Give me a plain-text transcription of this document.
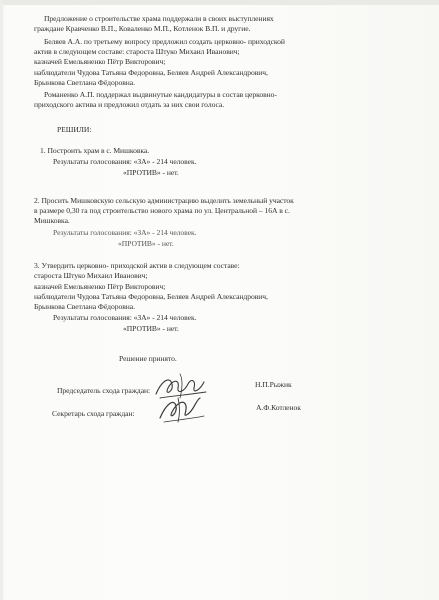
Предложение о строительстве храма поддержали в своих выступлениях
граждане Кравченко В.П., Коваленко М.П., Котленок В.П. и другие.
Беляев А.А. по третьему вопросу предложил создать церковно- приходской
актив в следующем составе: староста Штуко Михаил Иванович;
казначей Емельяненко Пётр Викторович;
наблюдатели Чудова Татьяна Федоровна, Беляев Андрей Александрович,
Брынкова Светлана Фёдоровна.
Романенко А.П. поддержал выдвинутые кандидатуры в состав церковно-
приходского актива и предложил отдать за них свои голоса.
РЕШИЛИ:
1. Построить храм в с. Мишковка.
Результаты голосования: «ЗА» - 214 человек.
«ПРОТИВ» - нет.
2. Просить Мишковскую сельскую администрацию выделить земельный участок
в размере 0,30 га под строительство нового храма по ул. Центральной – 16А в с.
Мишковка.
Результаты голосования: «ЗА» - 214 человек.
«ПРОТИВ» - нет.
3. Утвердить церковно- приходской актив в следующем составе:
староста Штуко Михаил Иванович;
казначей Емельяненко Пётр Викторович;
наблюдатели Чудова Татьяна Федоровна, Беляев Андрей Александрович,
Брынкова Светлана Фёдоровна.
Результаты голосования: «ЗА» - 214 человек.
«ПРОТИВ» - нет.
Решение принято.
Председатель схода граждан:
Н.П.Рыжик
Секретарь схода граждан:
А.Ф.Котленок
